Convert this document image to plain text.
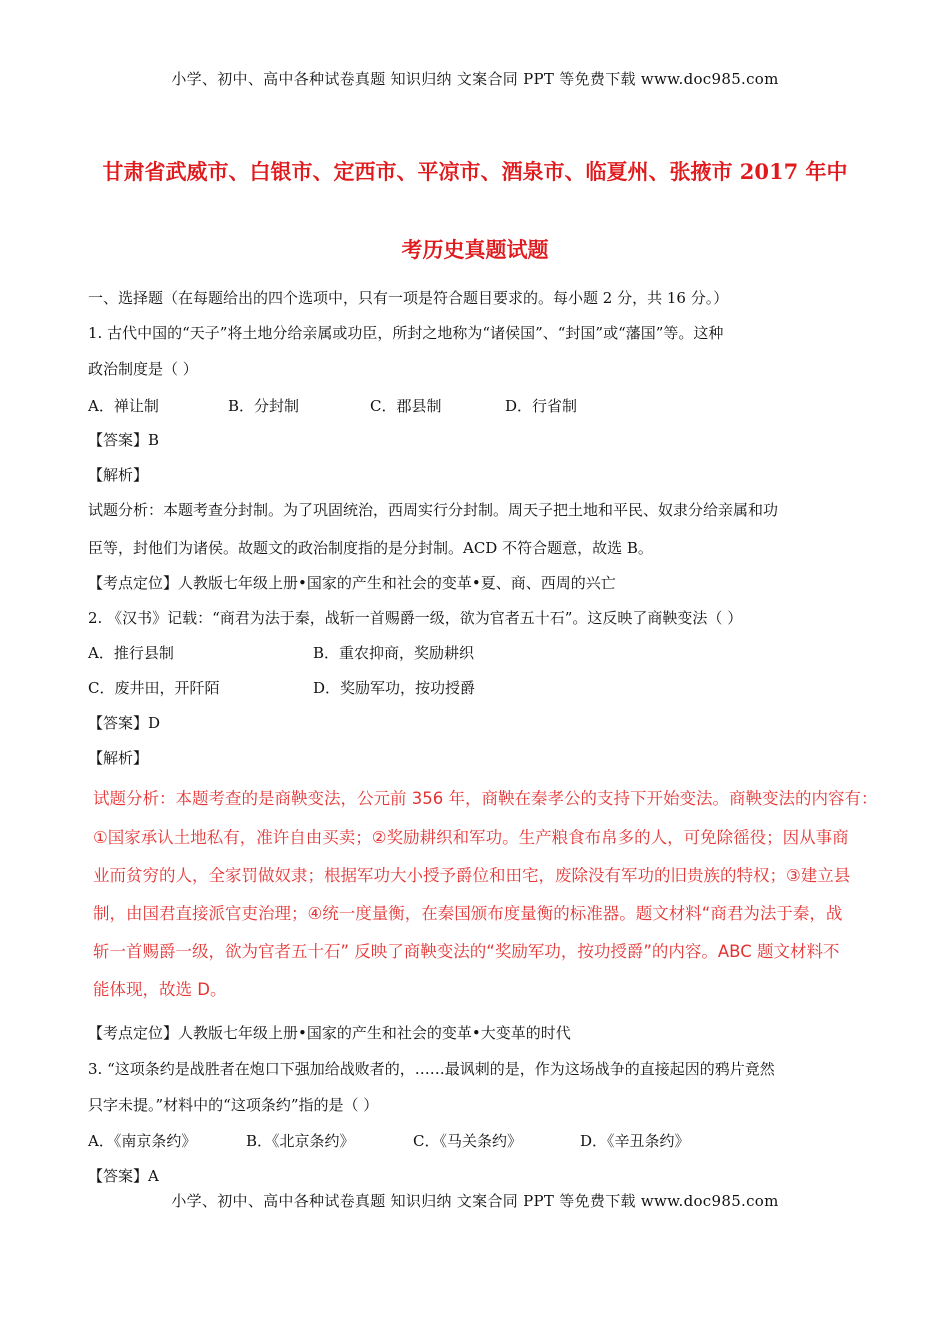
小学、初中、高中各种试卷真题 知识归纳 文案合同 PPT 等免费下载 www.doc985.com
甘肃省武威市、白银市、定西市、平凉市、酒泉市、临夏州、张掖市 2017 年中
考历史真题试题
一、选择题（在每题给出的四个选项中，只有一项是符合题目要求的。每小题 2 分，共 16 分。）
1. 古代中国的“天子”将土地分给亲属或功臣，所封之地称为“诸侯国”、“封国”或“藩国”等。这种
政治制度是（ ）
A．禅让制	B．分封制	C．郡县制	D．行省制
【答案】B
【解析】
试题分析：本题考查分封制。为了巩固统治，西周实行分封制。周天子把土地和平民、奴隶分给亲属和功
臣等，封他们为诸侯。故题文的政治制度指的是分封制。ACD 不符合题意，故选 B。
【考点定位】人教版七年级上册•国家的产生和社会的变革•夏、商、西周的兴亡
2. 《汉书》记载：“商君为法于秦，战斩一首赐爵一级，欲为官者五十石”。这反映了商鞅变法（ ）
A．推行县制	B．重农抑商，奖励耕织
C．废井田，开阡陌	D．奖励军功，按功授爵
【答案】D
【解析】
试题分析：本题考查的是商鞅变法，公元前 356 年，商鞅在秦孝公的支持下开始变法。商鞅变法的内容有：
①国家承认土地私有，准许自由买卖；②奖励耕织和军功。生产粮食布帛多的人，可免除徭役；因从事商
业而贫穷的人，全家罚做奴隶；根据军功大小授予爵位和田宅，废除没有军功的旧贵族的特权；③建立县
制，由国君直接派官吏治理；④统一度量衡，在秦国颁布度量衡的标准器。题文材料“商君为法于秦，战
斩一首赐爵一级，欲为官者五十石” 反映了商鞅变法的“奖励军功，按功授爵”的内容。ABC 题文材料不
能体现，故选 D。
【考点定位】人教版七年级上册•国家的产生和社会的变革•大变革的时代
3. “这项条约是战胜者在炮口下强加给战败者的，……最讽刺的是，作为这场战争的直接起因的鸦片竟然
只字未提。”材料中的“这项条约”指的是（ ）
A．《南京条约》	B．《北京条约》	C．《马关条约》	D．《辛丑条约》
【答案】A
小学、初中、高中各种试卷真题 知识归纳 文案合同 PPT 等免费下载 www.doc985.com
